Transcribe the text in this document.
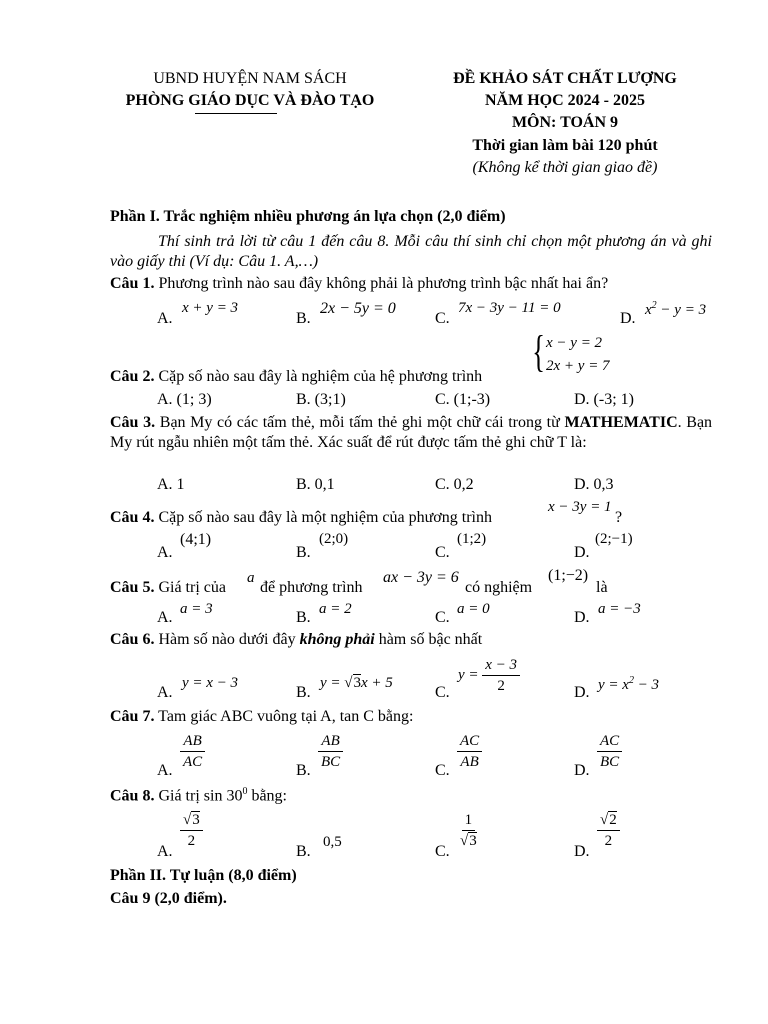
UBND HUYỆN NAM SÁCH
PHÒNG GIÁO DỤC VÀ ĐÀO TẠO
ĐỀ KHẢO SÁT CHẤT LƯỢNG
NĂM HỌC 2024 - 2025
MÔN: TOÁN 9
Thời gian làm bài 120 phút
(Không kể thời gian giao đề)
Phần I. Trắc nghiệm nhiều phương án lựa chọn (2,0 điểm)
Thí sinh trả lời từ câu 1 đến câu 8. Mỗi câu thí sinh chỉ chọn một phương án và ghi vào giấy thi (Ví dụ: Câu 1. A,…)
Câu 1. Phương trình nào sau đây không phải là phương trình bậc nhất hai ẩn?
A.
x + y = 3
B.
2x − 5y = 0
C.
7x − 3y − 11 = 0
D. $x^2 - y = 3$
{ x − y = 2
2x + y = 7
Câu 2. Cặp số nào sau đây là nghiệm của hệ phương trình
A. (1; 3)	B. (3;1)	C. (1;-3)	D. (-3; 1)
Câu 3. Bạn My có các tấm thẻ, mỗi tấm thẻ ghi một chữ cái trong từ MATHEMATIC. Bạn My rút ngẫu nhiên một tấm thẻ. Xác suất để rút được tấm thẻ ghi chữ T là:
A. 1	B. 0,1	C. 0,2	D. 0,3
Câu 4. Cặp số nào sau đây là một nghiệm của phương trình
x − 3y = 1
?
A.
(4;1)
B.
(2;0)
C.
(1;2)
D.
(2;−1)
Câu 5. Giá trị của
a
để phương trình
ax − 3y = 6
có nghiệm
(1;−2)
là
A. a = 3	B. a = 2	C. a = 0	D. a = −3
Câu 6. Hàm số nào dưới đây không phải hàm số bậc nhất
A.
y = x − 3
B.
y = √3x + 5
C.
$y = \frac{x - 3}{2}$	D. $y = x^2 - 3$
Câu 7. Tam giác ABC vuông tại A, tan C bằng:
A. $\frac{AB}{AC}$	B. $\frac{AB}{BC}$	C. $\frac{AC}{AB}$	D. $\frac{AC}{BC}$
Câu 8. Giá trị $\sin 30^0$ bằng:
A.
$\frac{√3}{2}$
B.
0,5
C.
$\frac{1}{√3}$
D.
$\frac{√2}{2}$
Phần II. Tự luận (8,0 điểm)
Câu 9 (2,0 điểm).
